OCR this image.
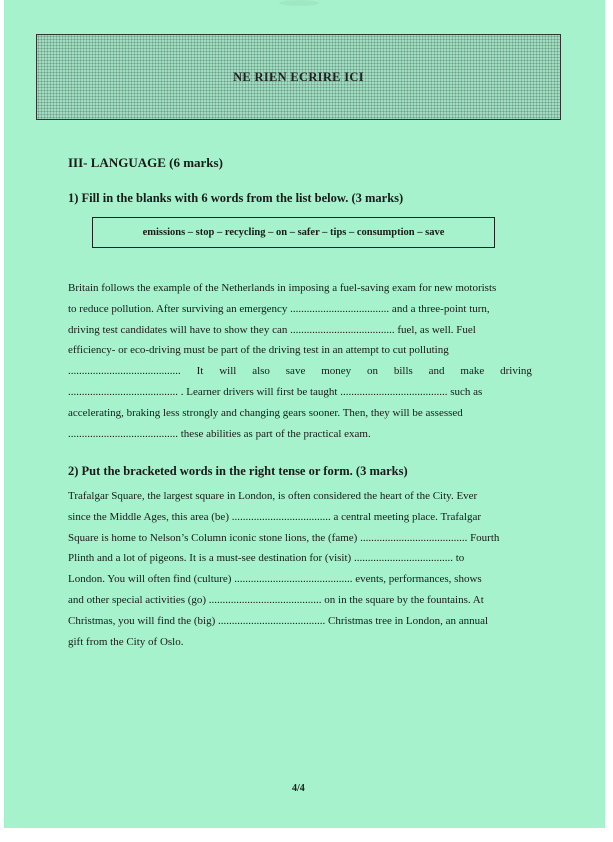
NE RIEN ECRIRE ICI
III- LANGUAGE (6 marks)
1) Fill in the blanks with 6 words from the list below. (3 marks)
emissions – stop – recycling – on – safer – tips – consumption – save
Britain follows the example of the Netherlands in imposing a fuel-saving exam for new motorists
to reduce pollution. After surviving an emergency .................................... and a three-point turn,
driving test candidates will have to show they can ...................................... fuel, as well. Fuel
efficiency- or eco-driving must be part of the driving test in an attempt to cut polluting
......................................... It will also save money on bills and make driving
........................................ . Learner drivers will first be taught ....................................... such as
accelerating, braking less strongly and changing gears sooner. Then, they will be assessed
........................................ these abilities as part of the practical exam.
2) Put the bracketed words in the right tense or form. (3 marks)
Trafalgar Square, the largest square in London, is often considered the heart of the City. Ever
since the Middle Ages, this area (be) .................................... a central meeting place. Trafalgar
Square is home to Nelson’s Column iconic stone lions, the (fame) ....................................... Fourth
Plinth and a lot of pigeons. It is a must-see destination for (visit) .................................... to
London. You will often find (culture) ........................................... events, performances, shows
and other special activities (go) ......................................... on in the square by the fountains. At
Christmas, you will find the (big) ....................................... Christmas tree in London, an annual
gift from the City of Oslo.
4/4
